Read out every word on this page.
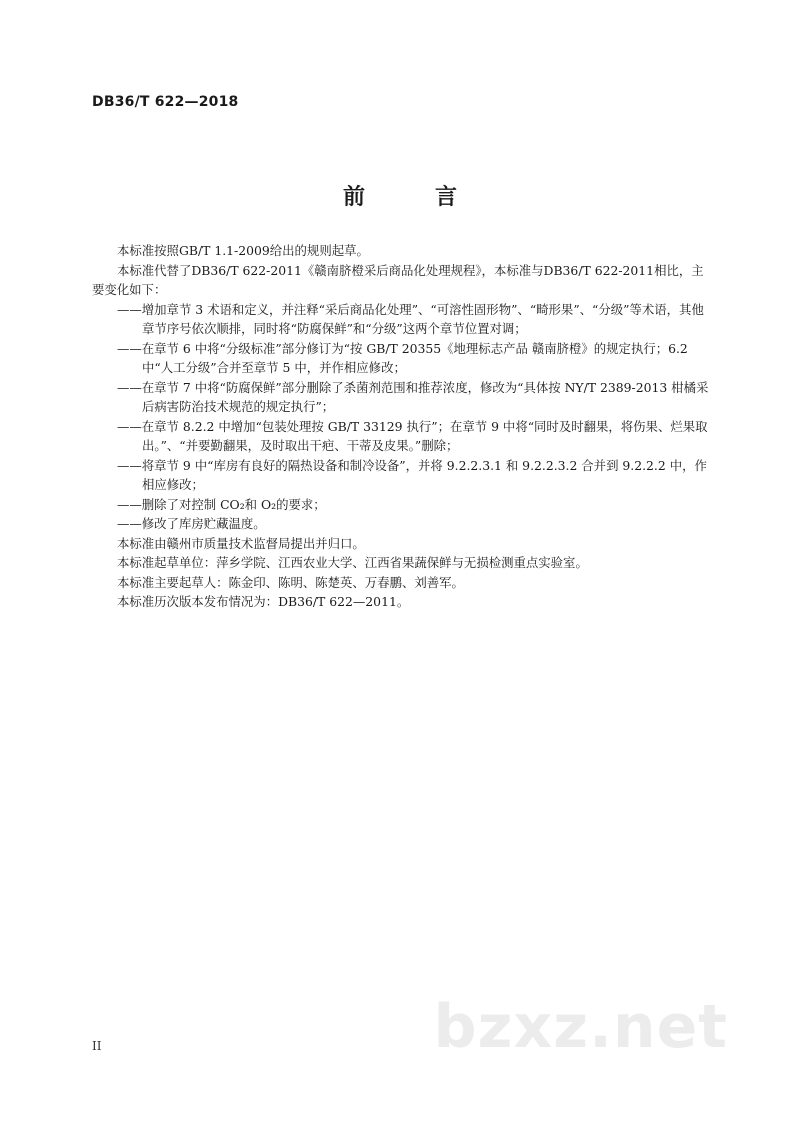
DB36/T 622—2018
前　言

本标准按照GB/T 1.1-2009给出的规则起草。

本标准代替了DB36/T 622-2011《赣南脐橙采后商品化处理规程》，本标准与DB36/T 622-2011相比，主要变化如下：

——增加章节 3 术语和定义，并注释“采后商品化处理”、“可溶性固形物”、“畸形果”、“分级”等术语，其他章节序号依次顺排，同时将“防腐保鲜”和“分级”这两个章节位置对调；

——在章节 6 中将“分级标准”部分修订为“按 GB/T 20355《地理标志产品 赣南脐橙》的规定执行；6.2 中“人工分级”合并至章节 5 中，并作相应修改；

——在章节 7 中将“防腐保鲜”部分删除了杀菌剂范围和推荐浓度，修改为“具体按 NY/T 2389-2013 柑橘采后病害防治技术规范的规定执行”；

——在章节 8.2.2 中增加“包装处理按 GB/T 33129 执行”；在章节 9 中将“同时及时翻果，将伤果、烂果取出。”、“并要勤翻果，及时取出干疤、干蒂及皮果。”删除；

——将章节 9 中“库房有良好的隔热设备和制冷设备”，并将 9.2.2.3.1 和 9.2.2.3.2 合并到 9.2.2.2 中，作相应修改；

——删除了对控制 CO₂和 O₂的要求；

——修改了库房贮藏温度。

本标准由赣州市质量技术监督局提出并归口。

本标准起草单位：萍乡学院、江西农业大学、江西省果蔬保鲜与无损检测重点实验室。

本标准主要起草人：陈金印、陈明、陈楚英、万春鹏、刘善军。

本标准历次版本发布情况为：DB36/T 622—2011。

bzxz.net
II
